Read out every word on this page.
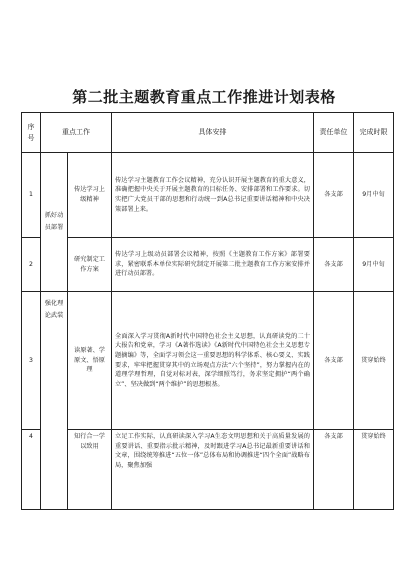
第二批主题教育重点工作推进计划表格
序号	重点工作		具体安排	责任单位	完成时限
1	抓好动员部署	传达学习上级精神	传达学习主题教育工作会议精神，充分认识开展主题教育的重大意义，准确把握中央关于开展主题教育的目标任务、安排部署和工作要求。切实把广大党员干部的思想和行动统一到A总书记重要讲话精神和中央决策部署上来。	各支部	9月中旬
2		研究制定工作方案	传达学习上级动员部署会议精神，按照《主题教育工作方案》部署要求，紧密联系本单位实际研究制定开展第二批主题教育工作方案安排并进行动员部署。	各支部	9月中旬
3	强化理论武装	读原著、学原文、悟原理	全面深入学习贯彻A新时代中国特色社会主义思想，认真研读党的二十大报告和党章，学习《A著作选读》《A新时代中国特色社会主义思想专题摘编》等，全面学习领会这一重要思想的科学体系、核心要义、实践要求，牢牢把握贯穿其中的立场观点方法“六个坚持”，努力掌握内在的道理学理哲理，自觉对标对表，深学细照笃行，务求坚定拥护“两个确立”、坚决做到“两个维护”的思想根基。	各支部	贯穿始终
4		知行合一学以致用	立足工作实际，认真研读深入学习A生态文明思想和关于高质量发展的重要讲话、重要指示批示精神，及时跟进学习A总书记最新重要讲话和文章，围绕统筹推进“五位一体”总体布局和协调推进“四个全面”战略布局，聚焦加强	各支部	贯穿始终
